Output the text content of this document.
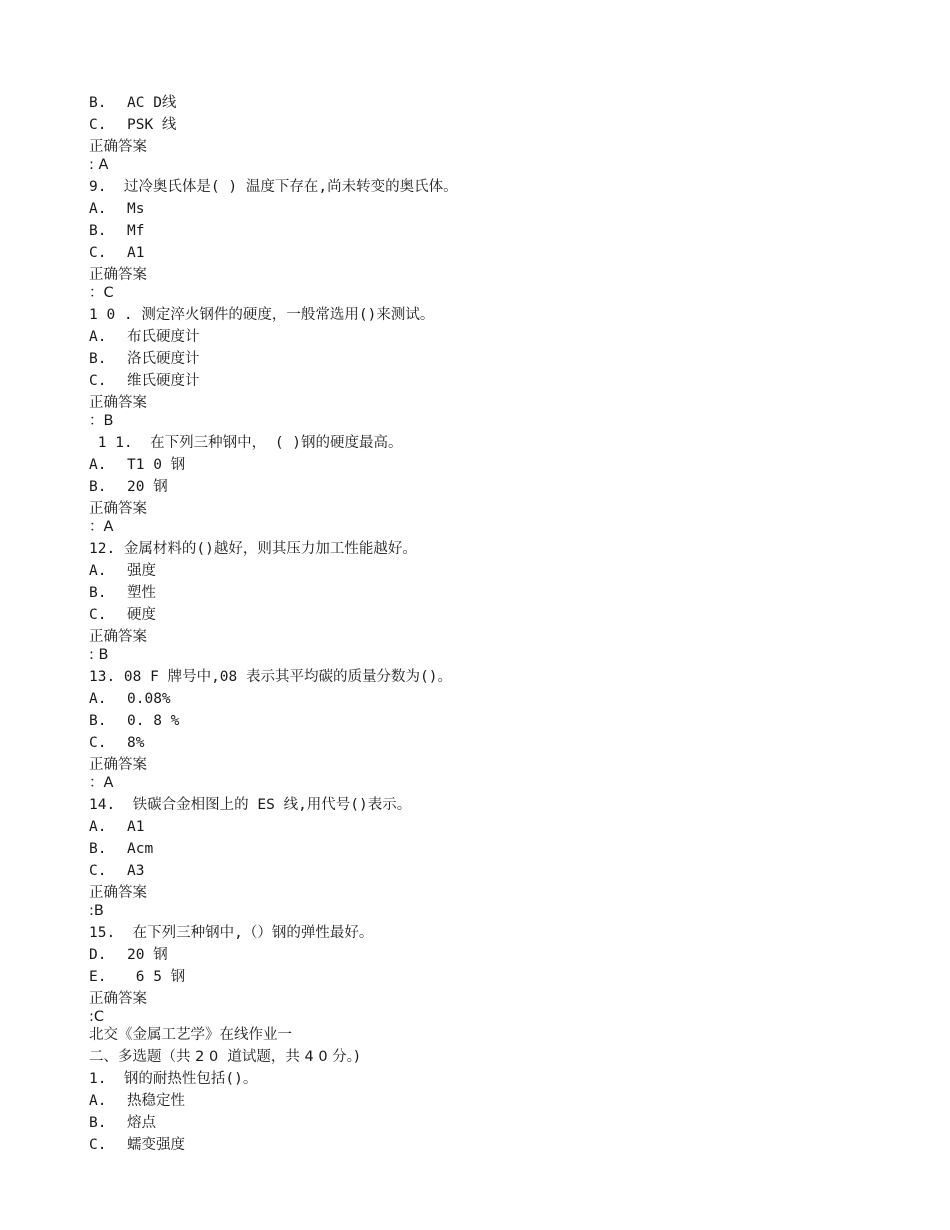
B. AC D线
C. PSK 线
正确答案
: A
9.  过冷奥氏体是( ) 温度下存在,尚未转变的奥氏体。
A. Ms
B. Mf
C. A1
正确答案
：C
1 0 . 测定淬火钢件的硬度，一般常选用()来测试。
A. 布氏硬度计
B. 洛氏硬度计
C. 维氏硬度计
正确答案
：B
1 1.  在下列三种钢中， ( )钢的硬度最高。
A. T1 0 钢
B. 20 钢
正确答案
：A
12. 金属材料的()越好，则其压力加工性能越好。
A. 强度
B. 塑性
C. 硬度
正确答案
: B
13. 08 F 牌号中,08 表示其平均碳的质量分数为()。
A. 0.08%
B. 0. 8 %
C. 8%
正确答案
：A
14.  铁碳合金相图上的 ES 线,用代号()表示。
A. A1
B. Acm
C. A3
正确答案
:B
15.  在下列三种钢中,（）钢的弹性最好。
D. 20 钢
E. 6 5 钢
正确答案
:C
北交《金属工艺学》在线作业一
二、多选题（共 2 0  道试题，共 4 0 分。)
1.  钢的耐热性包括()。
A. 热稳定性
B. 熔点
C. 蠕变强度
